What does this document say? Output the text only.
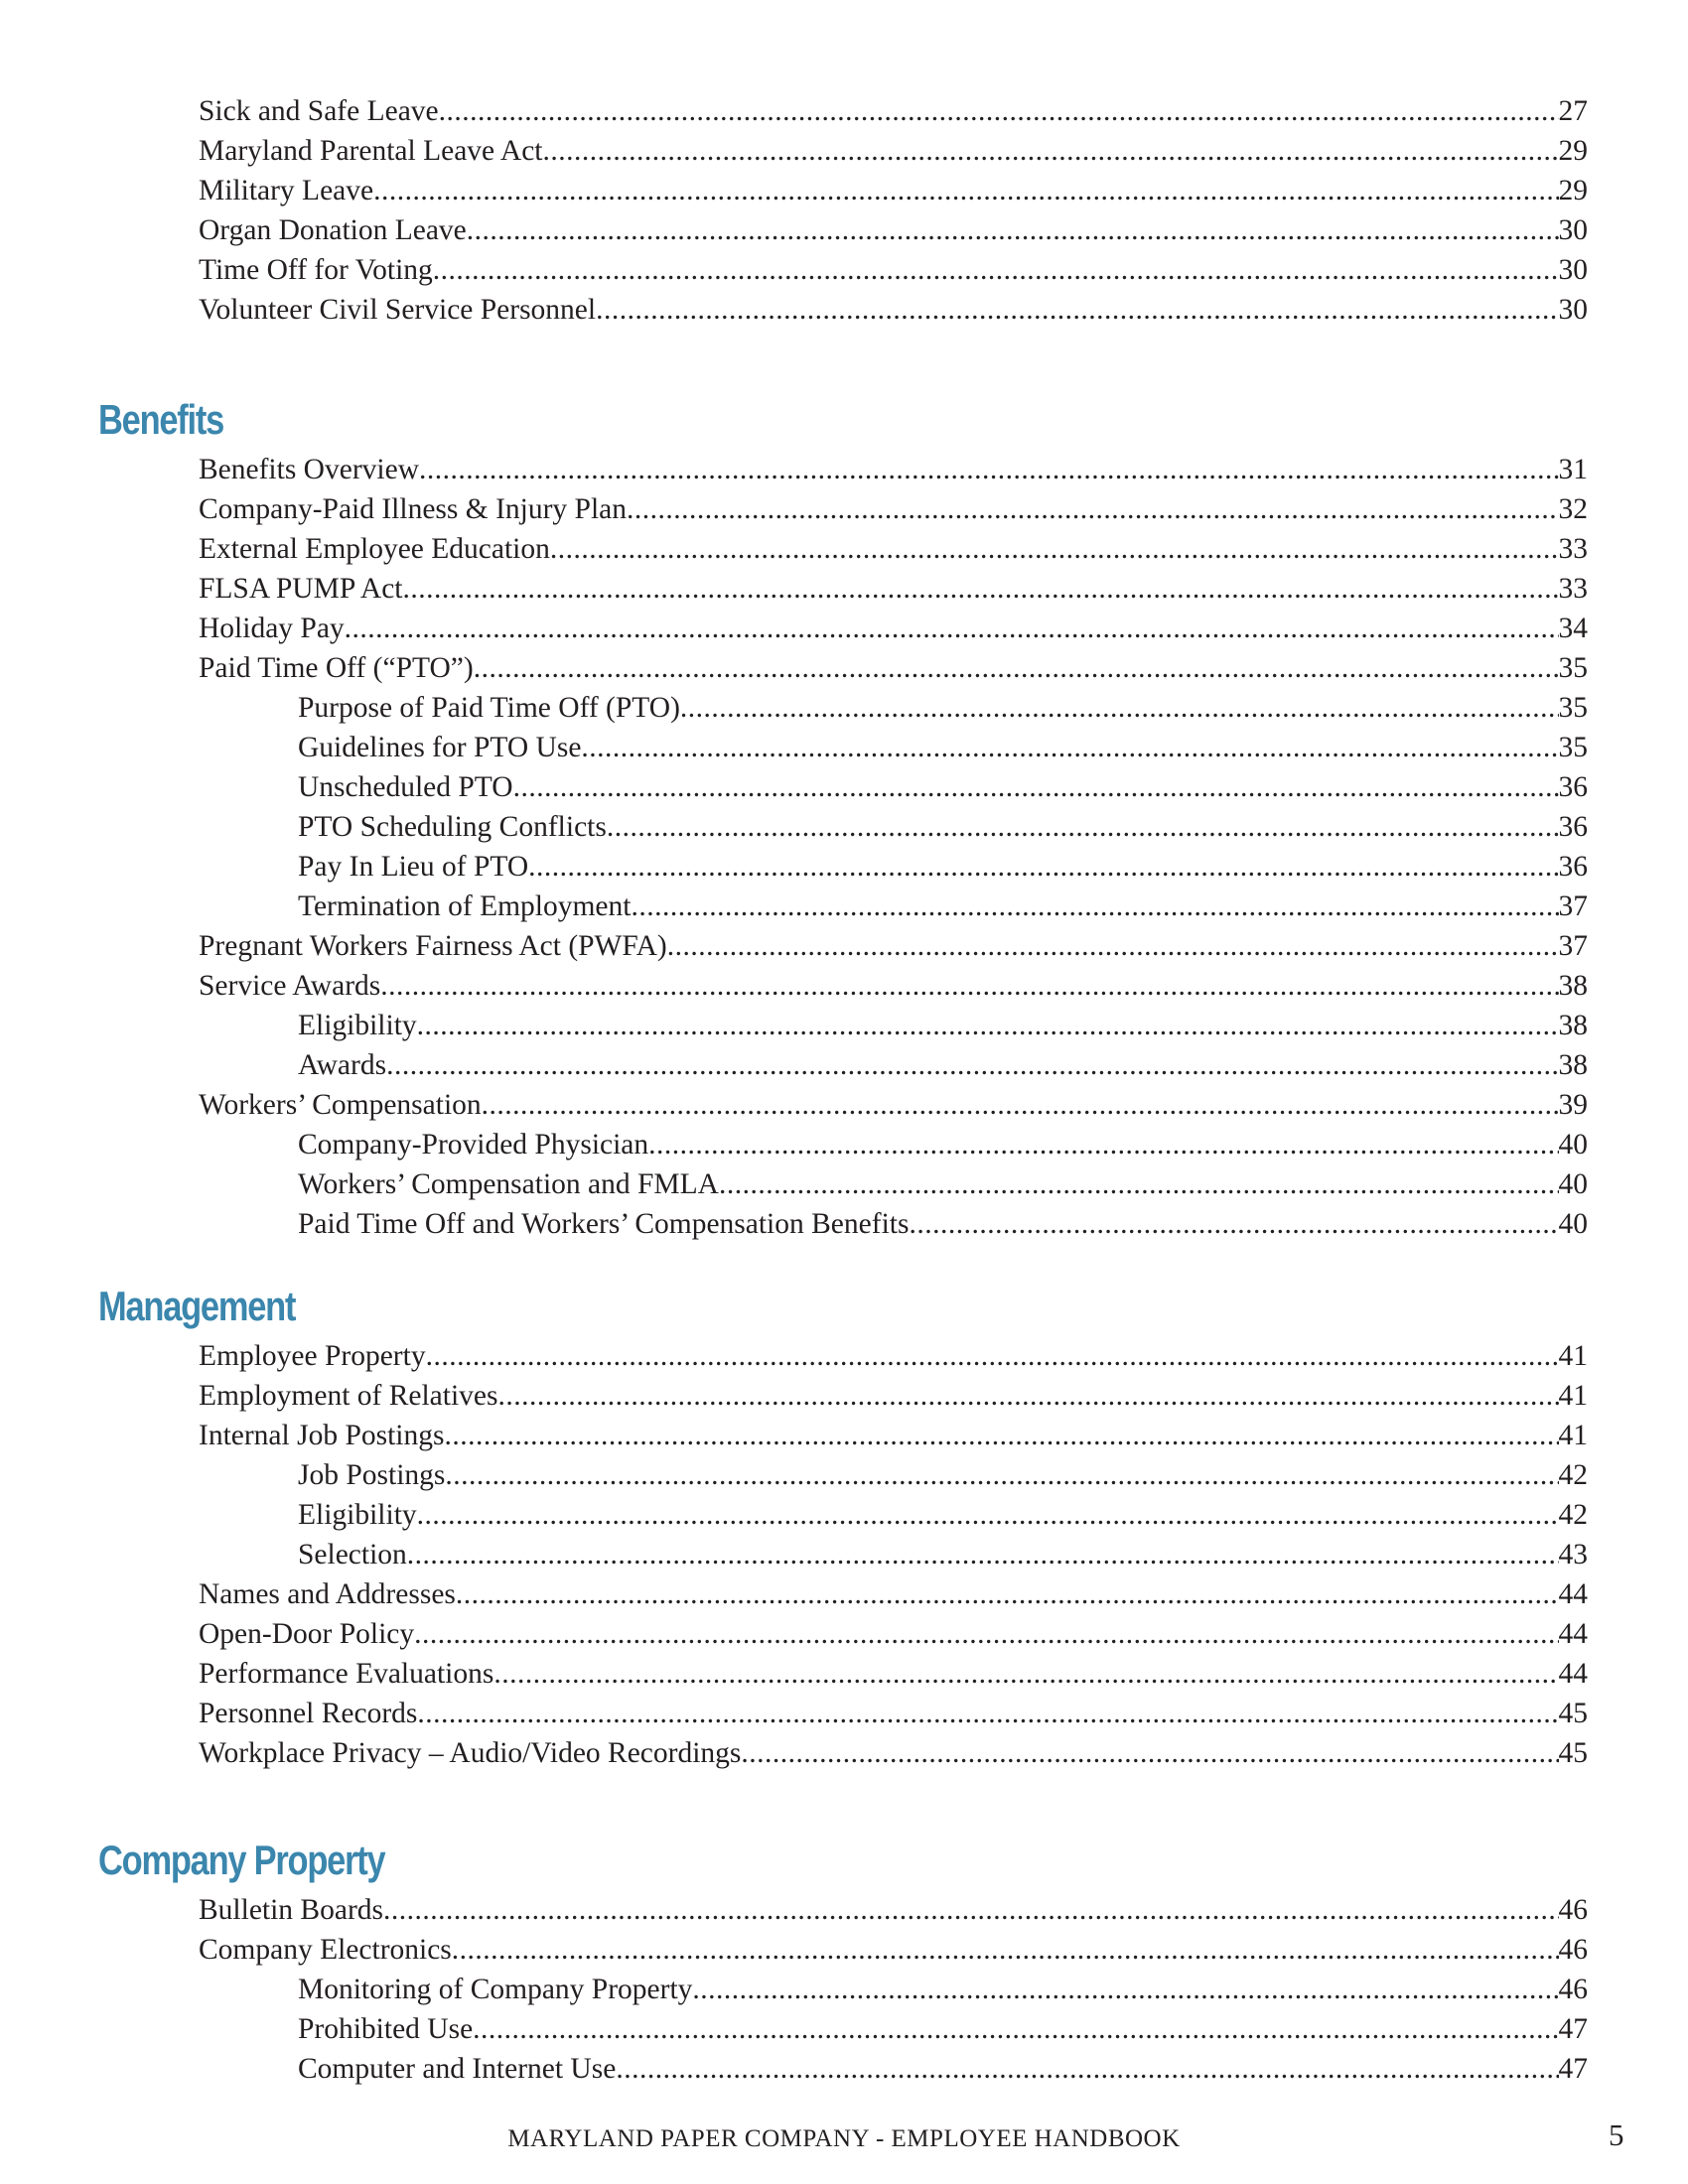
Sick and Safe Leave .....	27
Maryland Parental Leave Act .....	29
Military Leave .....	29
Organ Donation Leave .....	30
Time Off for Voting .....	30
Volunteer Civil Service Personnel .....	30
Benefits
Benefits Overview .....	31
Company-Paid Illness & Injury Plan .....	32
External Employee Education .....	33
FLSA PUMP Act .....	33
Holiday Pay .....	34
Paid Time Off (“PTO”) .....	35
Purpose of Paid Time Off (PTO) .....	35
Guidelines for PTO Use .....	35
Unscheduled PTO .....	36
PTO Scheduling Conflicts .....	36
Pay In Lieu of PTO .....	36
Termination of Employment .....	37
Pregnant Workers Fairness Act (PWFA) .....	37
Service Awards .....	38
Eligibility .....	38
Awards .....	38
Workers’ Compensation .....	39
Company-Provided Physician .....	40
Workers’ Compensation and FMLA .....	40
Paid Time Off and Workers’ Compensation Benefits .....	40
Management
Employee Property .....	41
Employment of Relatives .....	41
Internal Job Postings .....	41
Job Postings .....	42
Eligibility .....	42
Selection .....	43
Names and Addresses .....	44
Open-Door Policy .....	44
Performance Evaluations .....	44
Personnel Records .....	45
Workplace Privacy – Audio/Video Recordings .....	45
Company Property
Bulletin Boards .....	46
Company Electronics .....	46
Monitoring of Company Property .....	46
Prohibited Use .....	47
Computer and Internet Use .....	47

MARYLAND PAPER COMPANY - EMPLOYEE HANDBOOK	5
